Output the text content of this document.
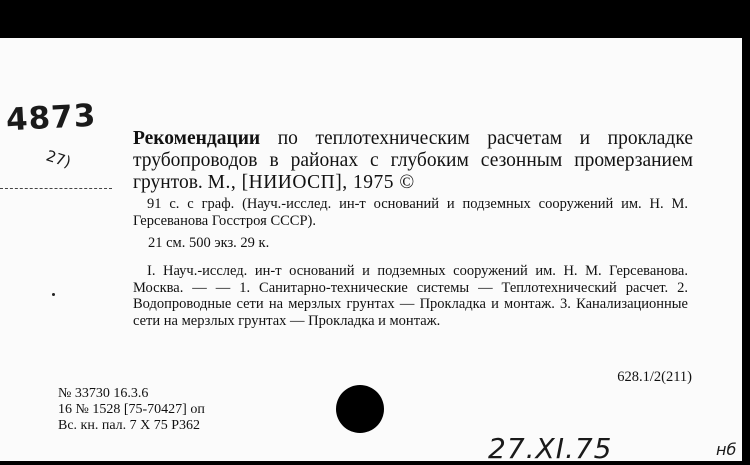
4873
27)
Рекомендации по теплотехническим расчетам и прокладке трубопроводов в районах с глубоким сезонным промерзанием грунтов. М., [НИИОСП], 1975 ©
91 с. с граф. (Науч.-исслед. ин-т оснований и подземных сооружений им. Н. М. Герсеванова Госстроя СССР).
21 см. 500 экз. 29 к.
I. Науч.-исслед. ин-т оснований и подземных сооружений им. Н. М. Герсеванова. Москва. — — 1. Санитарно-технические системы — Теплотехнический расчет. 2. Водопроводные сети на мерзлых грунтах — Прокладка и монтаж. 3. Канализационные сети на мерзлых грунтах — Прокладка и монтаж.
628.1/2(211)
№ 33730 16.3.6
16 № 1528 [75-70427] оп
Вс. кн. пал. 7 X 75 Р362
27.XI.75	нб
